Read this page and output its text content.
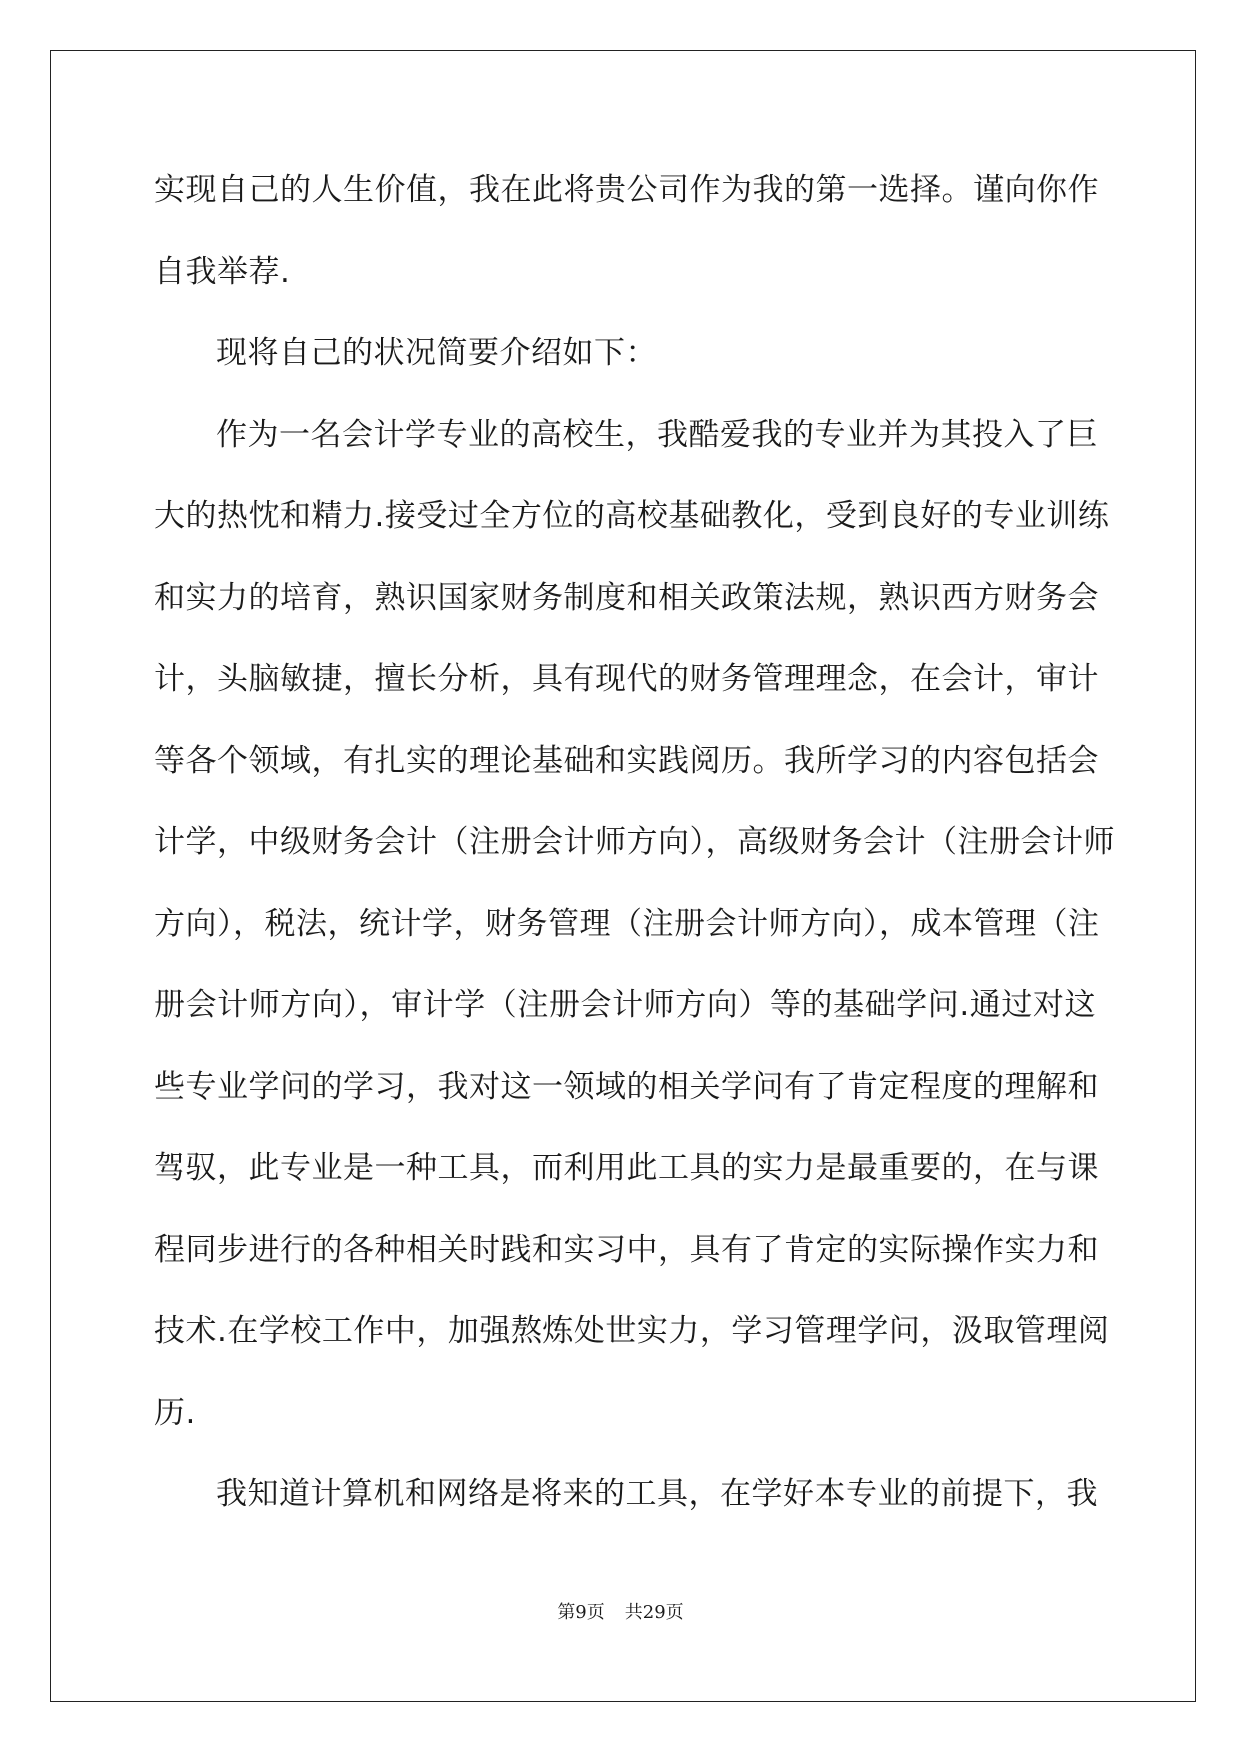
实现自己的人生价值，我在此将贵公司作为我的第一选择。谨向你作
自我举荐.
现将自己的状况简要介绍如下：
作为一名会计学专业的高校生，我酷爱我的专业并为其投入了巨
大的热忱和精力.接受过全方位的高校基础教化，受到良好的专业训练
和实力的培育，熟识国家财务制度和相关政策法规，熟识西方财务会
计，头脑敏捷，擅长分析，具有现代的财务管理理念，在会计，审计
等各个领域，有扎实的理论基础和实践阅历。我所学习的内容包括会
计学，中级财务会计（注册会计师方向），高级财务会计（注册会计师
方向），税法，统计学，财务管理（注册会计师方向），成本管理（注
册会计师方向），审计学（注册会计师方向）等的基础学问.通过对这
些专业学问的学习，我对这一领域的相关学问有了肯定程度的理解和
驾驭，此专业是一种工具，而利用此工具的实力是最重要的，在与课
程同步进行的各种相关时践和实习中，具有了肯定的实际操作实力和
技术.在学校工作中，加强熬炼处世实力，学习管理学问，汲取管理阅
历.
我知道计算机和网络是将来的工具，在学好本专业的前提下，我
第9页 共29页
